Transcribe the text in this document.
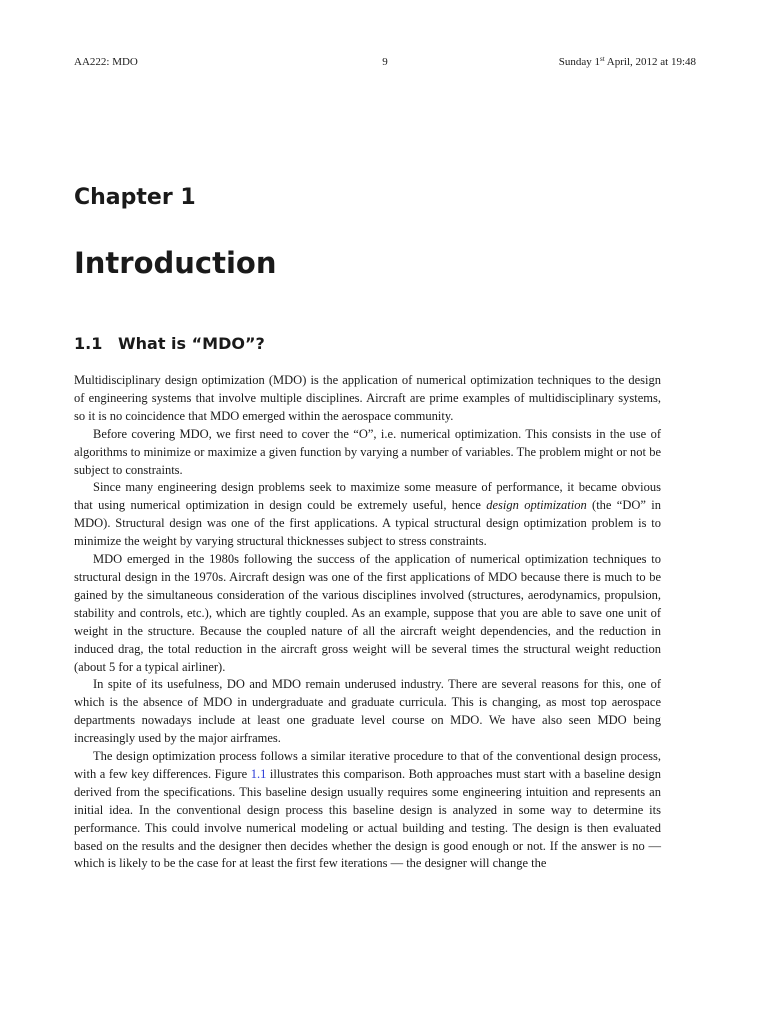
AA222: MDO	9	Sunday 1st April, 2012 at 19:48
Chapter 1
Introduction
1.1 What is “MDO”?

Multidisciplinary design optimization (MDO) is the application of numerical optimization techniques to the design of engineering systems that involve multiple disciplines. Aircraft are prime examples of multidisciplinary systems, so it is no coincidence that MDO emerged within the aerospace community.

Before covering MDO, we first need to cover the “O”, i.e. numerical optimization. This consists in the use of algorithms to minimize or maximize a given function by varying a number of variables. The problem might or not be subject to constraints.

Since many engineering design problems seek to maximize some measure of performance, it became obvious that using numerical optimization in design could be extremely useful, hence design optimization (the “DO” in MDO). Structural design was one of the first applications. A typical structural design optimization problem is to minimize the weight by varying structural thicknesses subject to stress constraints.

MDO emerged in the 1980s following the success of the application of numerical optimization techniques to structural design in the 1970s. Aircraft design was one of the first applications of MDO because there is much to be gained by the simultaneous consideration of the various disciplines involved (structures, aerodynamics, propulsion, stability and controls, etc.), which are tightly coupled. As an example, suppose that you are able to save one unit of weight in the structure. Because the coupled nature of all the aircraft weight dependencies, and the reduction in induced drag, the total reduction in the aircraft gross weight will be several times the structural weight reduction (about 5 for a typical airliner).

In spite of its usefulness, DO and MDO remain underused industry. There are several reasons for this, one of which is the absence of MDO in undergraduate and graduate curricula. This is changing, as most top aerospace departments nowadays include at least one graduate level course on MDO. We have also seen MDO being increasingly used by the major airframes.

The design optimization process follows a similar iterative procedure to that of the conventional design process, with a few key differences. Figure 1.1 illustrates this comparison. Both approaches must start with a baseline design derived from the specifications. This baseline design usually requires some engineering intuition and represents an initial idea. In the conventional design process this baseline design is analyzed in some way to determine its performance. This could involve numerical modeling or actual building and testing. The design is then evaluated based on the results and the designer then decides whether the design is good enough or not. If the answer is no — which is likely to be the case for at least the first few iterations — the designer will change the
